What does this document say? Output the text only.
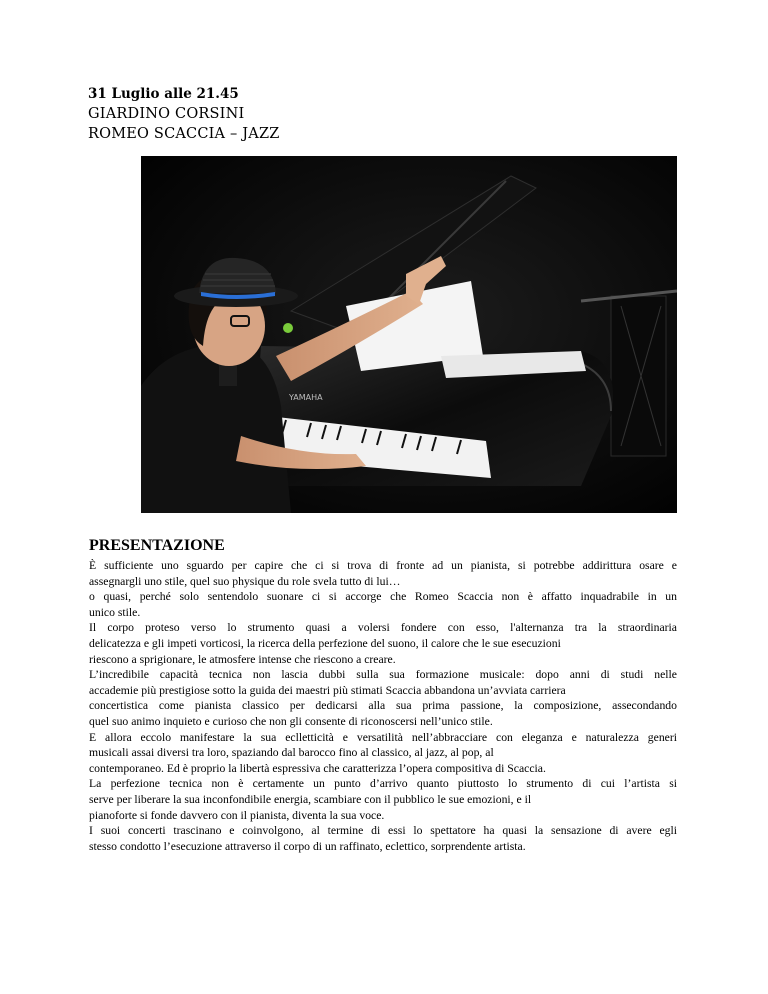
31 Luglio alle 21.45

GIARDINO CORSINI

ROMEO SCACCIA – JAZZ

YAMAHA

PRESENTAZIONE

È sufficiente uno sguardo per capire che ci si trova di fronte ad un pianista, si potrebbe addirittura osare e

assegnargli uno stile, quel suo physique du role svela tutto di lui…

o quasi, perché solo sentendolo suonare ci si accorge che Romeo Scaccia non è affatto inquadrabile in un

unico stile.

Il corpo proteso verso lo strumento quasi a volersi fondere con esso, l'alternanza tra la straordinaria

delicatezza e gli impeti vorticosi, la ricerca della perfezione del suono, il calore che le sue esecuzioni

riescono a sprigionare, le atmosfere intense che riescono a creare.

L’incredibile capacità tecnica non lascia dubbi sulla sua formazione musicale: dopo anni di studi nelle

accademie più prestigiose sotto la guida dei maestri più stimati Scaccia abbandona un’avviata carriera

concertistica come pianista classico per dedicarsi alla sua prima passione, la composizione, assecondando

quel suo animo inquieto e curioso che non gli consente di riconoscersi nell’unico stile.

E allora eccolo manifestare la sua eclletticità e versatilità nell’abbracciare con eleganza e naturalezza generi

musicali assai diversi tra loro, spaziando dal barocco fino al classico, al jazz, al pop, al

contemporaneo. Ed è proprio la libertà espressiva che caratterizza l’opera compositiva di Scaccia.

La perfezione tecnica non è certamente un punto d’arrivo quanto piuttosto lo strumento di cui l’artista si

serve per liberare la sua inconfondibile energia, scambiare con il pubblico le sue emozioni, e il

pianoforte si fonde davvero con il pianista, diventa la sua voce.

I suoi concerti trascinano e coinvolgono, al termine di essi lo spettatore ha quasi la sensazione di avere egli

stesso condotto l’esecuzione attraverso il corpo di un raffinato, eclettico, sorprendente artista.
